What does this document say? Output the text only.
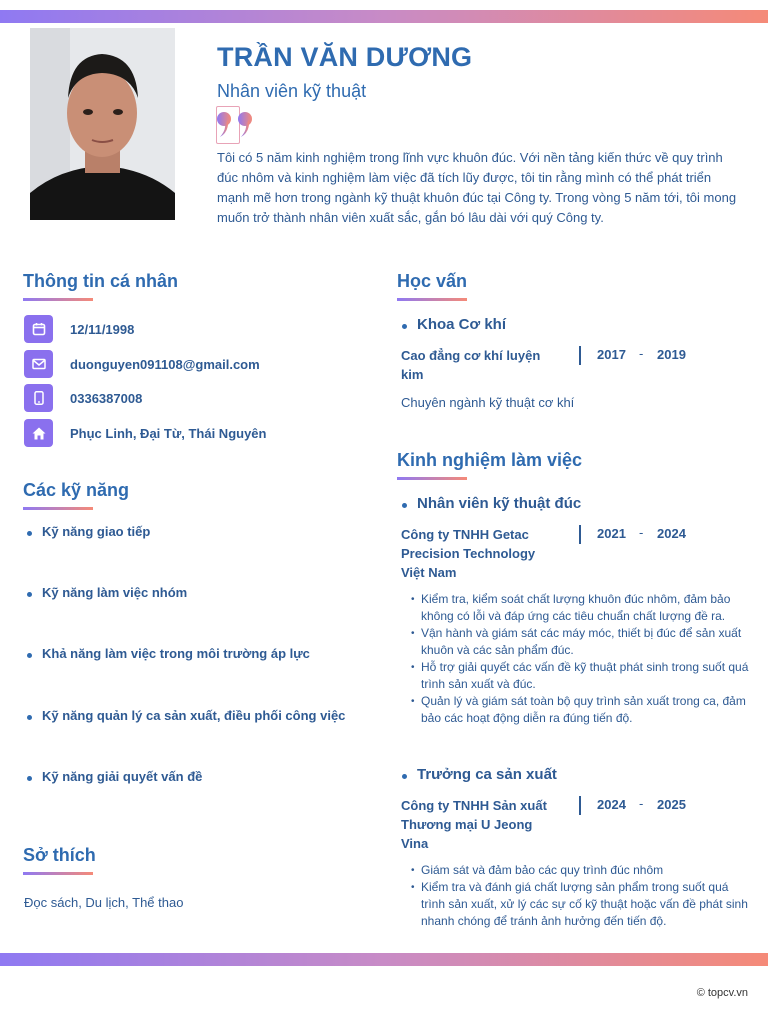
TRẦN VĂN DƯƠNG
Nhân viên kỹ thuật
Tôi có 5 năm kinh nghiệm trong lĩnh vực khuôn đúc. Với nền tảng kiến thức về quy trình đúc nhôm và kinh nghiệm làm việc đã tích lũy được, tôi tin rằng mình có thể phát triển mạnh mẽ hơn trong ngành kỹ thuật khuôn đúc tại Công ty. Trong vòng 5 năm tới, tôi mong muốn trở thành nhân viên xuất sắc, gắn bó lâu dài với quý Công ty.
Thông tin cá nhân
12/11/1998
duonguyen091108@gmail.com
0336387008
Phục Linh, Đại Từ, Thái Nguyên
Các kỹ năng
Kỹ năng giao tiếp
Kỹ năng làm việc nhóm
Khả năng làm việc trong môi trường áp lực
Kỹ năng quản lý ca sản xuất, điều phối công việc
Kỹ năng giải quyết vấn đề
Sở thích
Đọc sách, Du lịch, Thể thao
Học vấn
Khoa Cơ khí
Cao đẳng cơ khí luyện kim
2017 - 2019
Chuyên ngành kỹ thuật cơ khí
Kinh nghiệm làm việc
Nhân viên kỹ thuật đúc
Công ty TNHH Getac Precision Technology Việt Nam
2021 - 2024
• Kiểm tra, kiểm soát chất lượng khuôn đúc nhôm, đảm bảo không có lỗi và đáp ứng các tiêu chuẩn chất lượng đề ra.
• Vận hành và giám sát các máy móc, thiết bị đúc để sản xuất khuôn và các sản phẩm đúc.
• Hỗ trợ giải quyết các vấn đề kỹ thuật phát sinh trong suốt quá trình sản xuất và đúc.
• Quản lý và giám sát toàn bộ quy trình sản xuất trong ca, đảm bảo các hoạt động diễn ra đúng tiến độ.
Trưởng ca sản xuất
Công ty TNHH Sản xuất Thương mại U Jeong Vina
2024 - 2025
• Giám sát và đảm bảo các quy trình đúc nhôm
• Kiểm tra và đánh giá chất lượng sản phẩm trong suốt quá trình sản xuất, xử lý các sự cố kỹ thuật hoặc vấn đề phát sinh nhanh chóng để tránh ảnh hưởng đến tiến độ.
© topcv.vn
